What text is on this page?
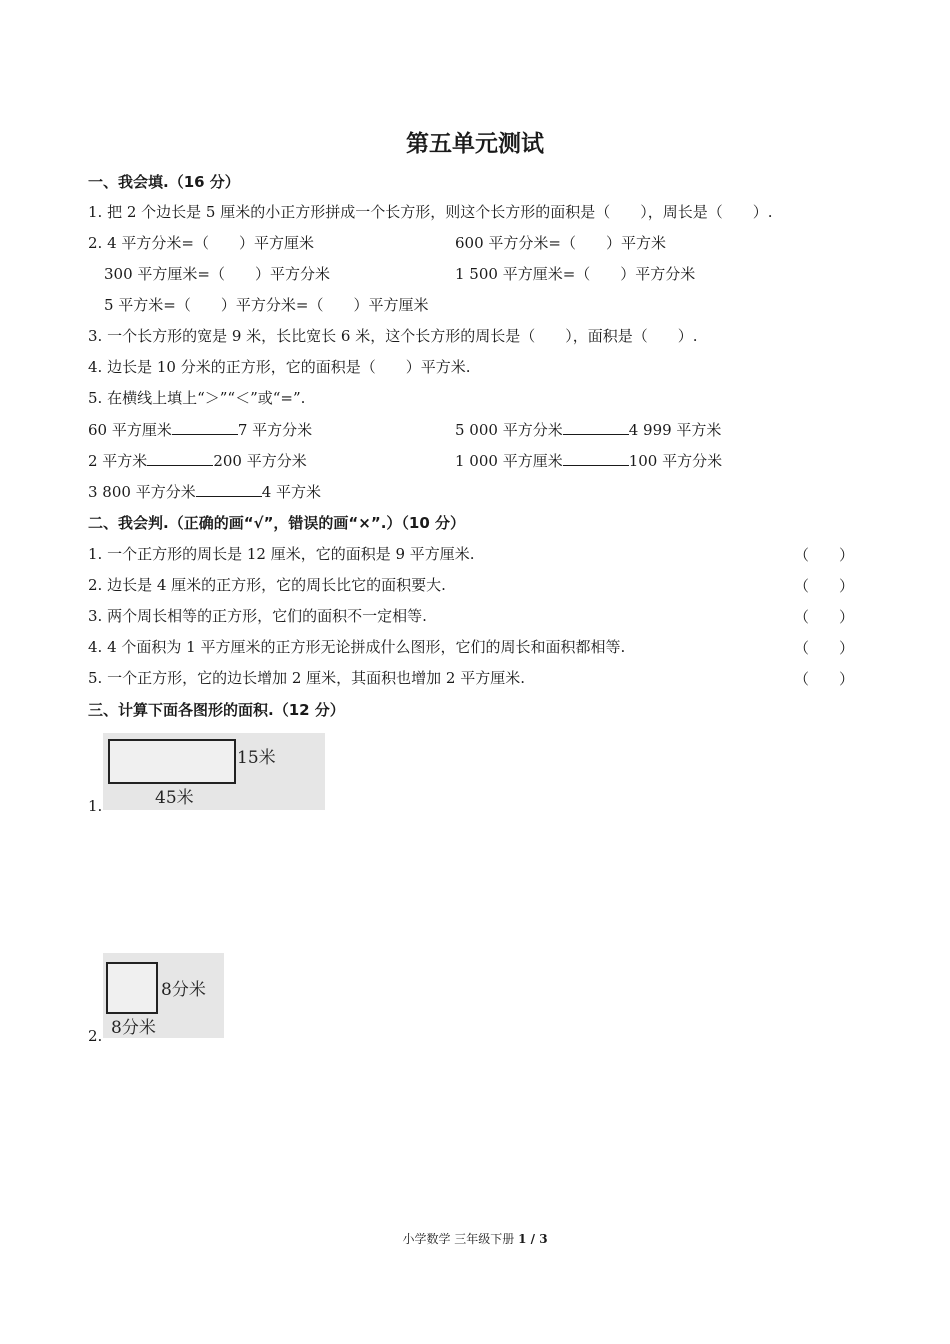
第五单元测试
一、我会填.（16 分）
1. 把 2 个边长是 5 厘米的小正方形拼成一个长方形，则这个长方形的面积是（　　），周长是（　　）.
2. 4 平方分米=（　　）平方厘米	600 平方分米=（　　）平方米
300 平方厘米=（　　）平方分米	1 500 平方厘米=（　　）平方分米
5 平方米=（　　）平方分米=（　　）平方厘米
3. 一个长方形的宽是 9 米，长比宽长 6 米，这个长方形的周长是（　　），面积是（　　）.
4. 边长是 10 分米的正方形，它的面积是（　　）平方米.
5. 在横线上填上“＞”“＜”或“=”.
60 平方厘米	7 平方分米	5 000 平方分米	4 999 平方米
2 平方米	200 平方分米	1 000 平方厘米	100 平方分米
3 800 平方分米	4 平方米
二、我会判.（正确的画“√”，错误的画“×”.）（10 分）
1. 一个正方形的周长是 12 厘米，它的面积是 9 平方厘米.	（　　）
2. 边长是 4 厘米的正方形，它的周长比它的面积要大.	（　　）
3. 两个周长相等的正方形，它们的面积不一定相等.	（　　）
4. 4 个面积为 1 平方厘米的正方形无论拼成什么图形，它们的周长和面积都相等.	（　　）
5. 一个正方形，它的边长增加 2 厘米，其面积也增加 2 平方厘米.	（　　）
三、计算下面各图形的面积.（12 分）
1.
15米
45米
2.
8分米
8分米
小学数学 三年级下册 1 / 3
